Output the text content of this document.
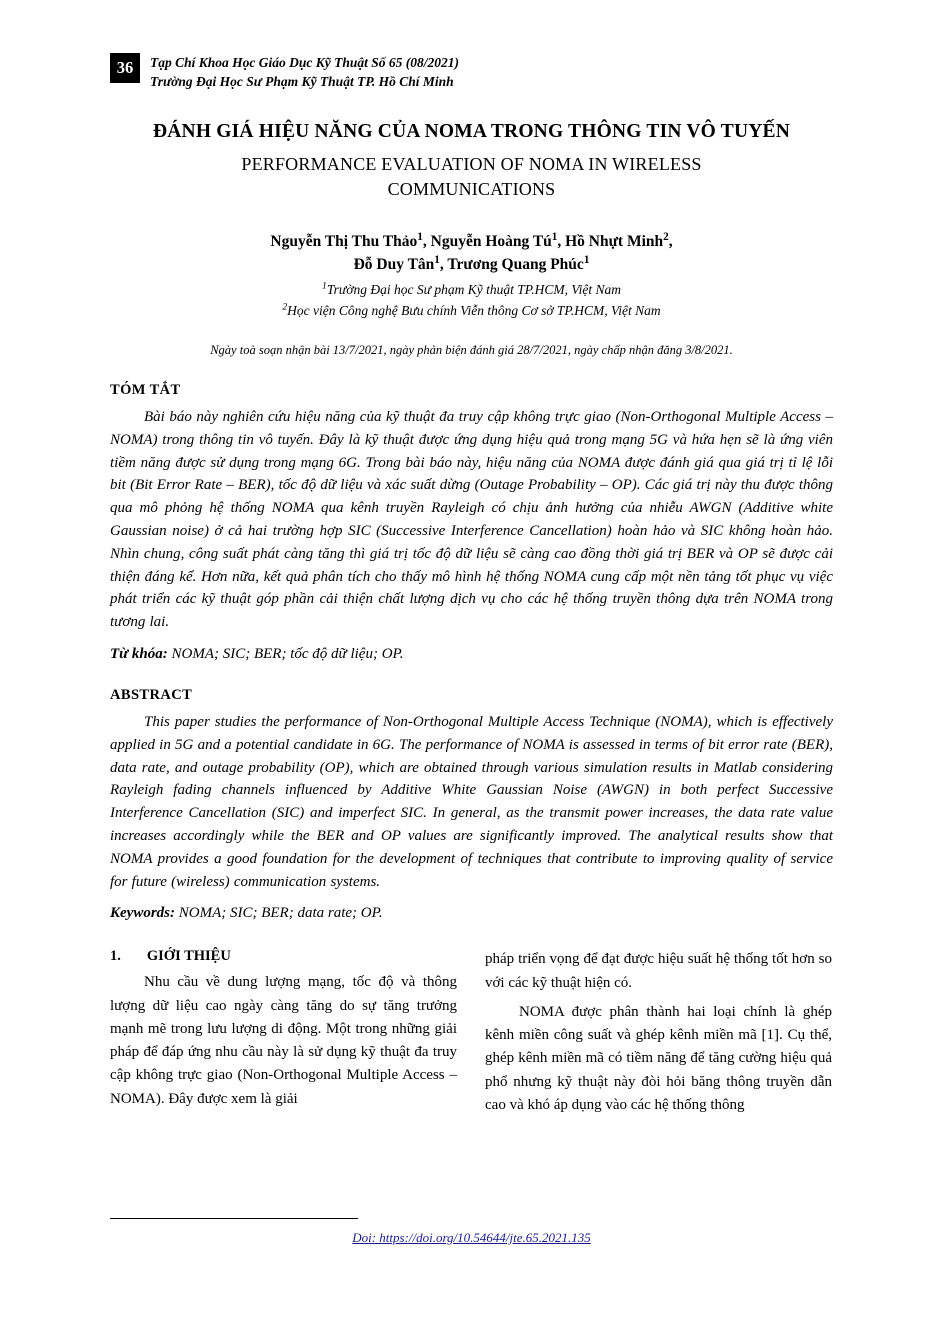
36	Tạp Chí Khoa Học Giáo Dục Kỹ Thuật Số 65 (08/2021)
Trường Đại Học Sư Phạm Kỹ Thuật TP. Hồ Chí Minh
ĐÁNH GIÁ HIỆU NĂNG CỦA NOMA TRONG THÔNG TIN VÔ TUYẾN
PERFORMANCE EVALUATION OF NOMA IN WIRELESS
COMMUNICATIONS
Nguyễn Thị Thu Thảo$^1$, Nguyễn Hoàng $Tú^1$, Hồ Nhựt Minh$^2$,
Đỗ Duy Tân$^1$, Trương Quang Phúc$^1$
$^1$Trường Đại học Sư phạm Kỹ thuật TP.HCM, Việt Nam
$^2$Học viện Công nghệ Bưu chính Viễn thông Cơ sở TP.HCM, Việt Nam
Ngày toà soạn nhận bài 13/7/2021, ngày phản biện đánh giá 28/7/2021, ngày chấp nhận đăng 3/8/2021.
TÓM TẮT
Bài báo này nghiên cứu hiệu năng của kỹ thuật đa truy cập không trực giao (Non-Orthogonal Multiple Access – NOMA) trong thông tin vô tuyến. Đây là kỹ thuật được ứng dụng hiệu quả trong mạng 5G và hứa hẹn sẽ là ứng viên tiềm năng được sử dụng trong mạng 6G. Trong bài báo này, hiệu năng của NOMA được đánh giá qua giá trị tỉ lệ lỗi bit (Bit Error Rate – BER), tốc độ dữ liệu và xác suất dừng (Outage Probability – OP). Các giá trị này thu được thông qua mô phỏng hệ thống NOMA qua kênh truyền Rayleigh có chịu ảnh hưởng của nhiễu AWGN (Additive white Gaussian noise) ở cả hai trường hợp SIC (Successive Interference Cancellation) hoàn hảo và SIC không hoàn hảo. Nhìn chung, công suất phát càng tăng thì giá trị tốc độ dữ liệu sẽ càng cao đồng thời giá trị BER và OP sẽ được cải thiện đáng kể. Hơn nữa, kết quả phân tích cho thấy mô hình hệ thống NOMA cung cấp một nền tảng tốt phục vụ việc phát triển các kỹ thuật góp phần cải thiện chất lượng dịch vụ cho các hệ thống truyền thông dựa trên NOMA trong tương lai.
Từ khóa: NOMA; SIC; BER; tốc độ dữ liệu; OP.
ABSTRACT
This paper studies the performance of Non-Orthogonal Multiple Access Technique (NOMA), which is effectively applied in 5G and a potential candidate in 6G. The performance of NOMA is assessed in terms of bit error rate (BER), data rate, and outage probability (OP), which are obtained through various simulation results in Matlab considering Rayleigh fading channels influenced by Additive White Gaussian Noise (AWGN) in both perfect Successive Interference Cancellation (SIC) and imperfect SIC. In general, as the transmit power increases, the data rate value increases accordingly while the BER and OP values are significantly improved. The analytical results show that NOMA provides a good foundation for the development of techniques that contribute to improving quality of service for future (wireless) communication systems.
Keywords: NOMA; SIC; BER; data rate; OP.
1. GIỚI THIỆU

Nhu cầu về dung lượng mạng, tốc độ và thông lượng dữ liệu cao ngày càng tăng do sự tăng trưởng mạnh mẽ trong lưu lượng di động. Một trong những giải pháp để đáp ứng nhu cầu này là sử dụng kỹ thuật đa truy cập không trực giao (Non-Orthogonal Multiple Access – NOMA). Đây được xem là giải

pháp triển vọng để đạt được hiệu suất hệ thống tốt hơn so với các kỹ thuật hiện có.

NOMA được phân thành hai loại chính là ghép kênh miền công suất và ghép kênh miền mã [1]. Cụ thể, ghép kênh miền mã có tiềm năng để tăng cường hiệu quả phổ nhưng kỹ thuật này đòi hỏi băng thông truyền dẫn cao và khó áp dụng vào các hệ thống thông

Doi: https://doi.org/10.54644/jte.65.2021.135
